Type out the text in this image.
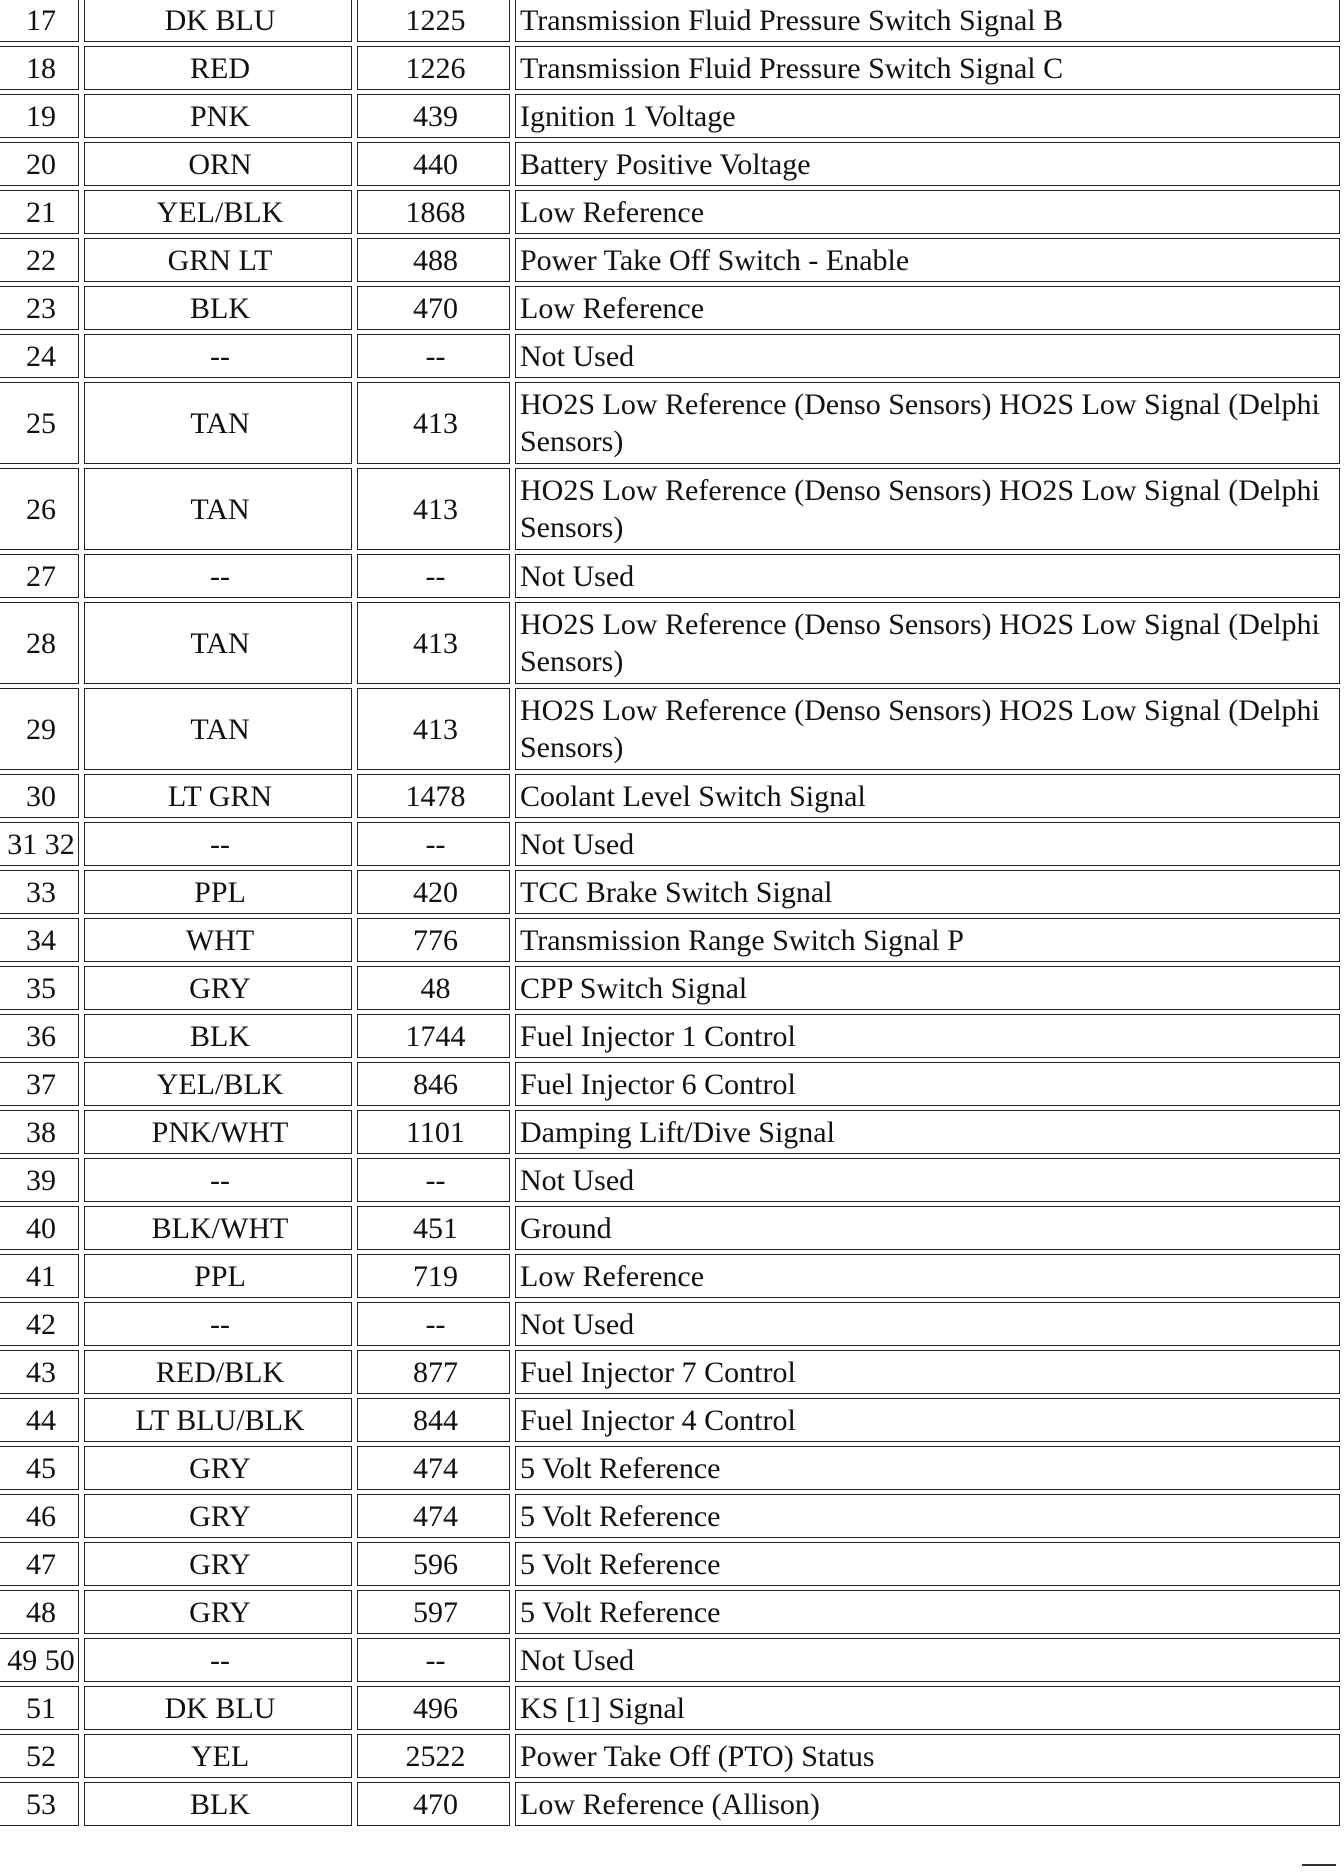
17	DK BLU	1225	Transmission Fluid Pressure Switch Signal B
18	RED	1226	Transmission Fluid Pressure Switch Signal C
19	PNK	439	Ignition 1 Voltage
20	ORN	440	Battery Positive Voltage
21	YEL/BLK	1868	Low Reference
22	GRN LT	488	Power Take Off Switch - Enable
23	BLK	470	Low Reference
24	--	--	Not Used
25	TAN	413	HO2S Low Reference (Denso Sensors) HO2S Low Signal (Delphi Sensors)
26	TAN	413	HO2S Low Reference (Denso Sensors) HO2S Low Signal (Delphi Sensors)
27	--	--	Not Used
28	TAN	413	HO2S Low Reference (Denso Sensors) HO2S Low Signal (Delphi Sensors)
29	TAN	413	HO2S Low Reference (Denso Sensors) HO2S Low Signal (Delphi Sensors)
30	LT GRN	1478	Coolant Level Switch Signal
31 32	--	--	Not Used
33	PPL	420	TCC Brake Switch Signal
34	WHT	776	Transmission Range Switch Signal P
35	GRY	48	CPP Switch Signal
36	BLK	1744	Fuel Injector 1 Control
37	YEL/BLK	846	Fuel Injector 6 Control
38	PNK/WHT	1101	Damping Lift/Dive Signal
39	--	--	Not Used
40	BLK/WHT	451	Ground
41	PPL	719	Low Reference
42	--	--	Not Used
43	RED/BLK	877	Fuel Injector 7 Control
44	LT BLU/BLK	844	Fuel Injector 4 Control
45	GRY	474	5 Volt Reference
46	GRY	474	5 Volt Reference
47	GRY	596	5 Volt Reference
48	GRY	597	5 Volt Reference
49 50	--	--	Not Used
51	DK BLU	496	KS [1] Signal
52	YEL	2522	Power Take Off (PTO) Status
53	BLK	470	Low Reference (Allison)
